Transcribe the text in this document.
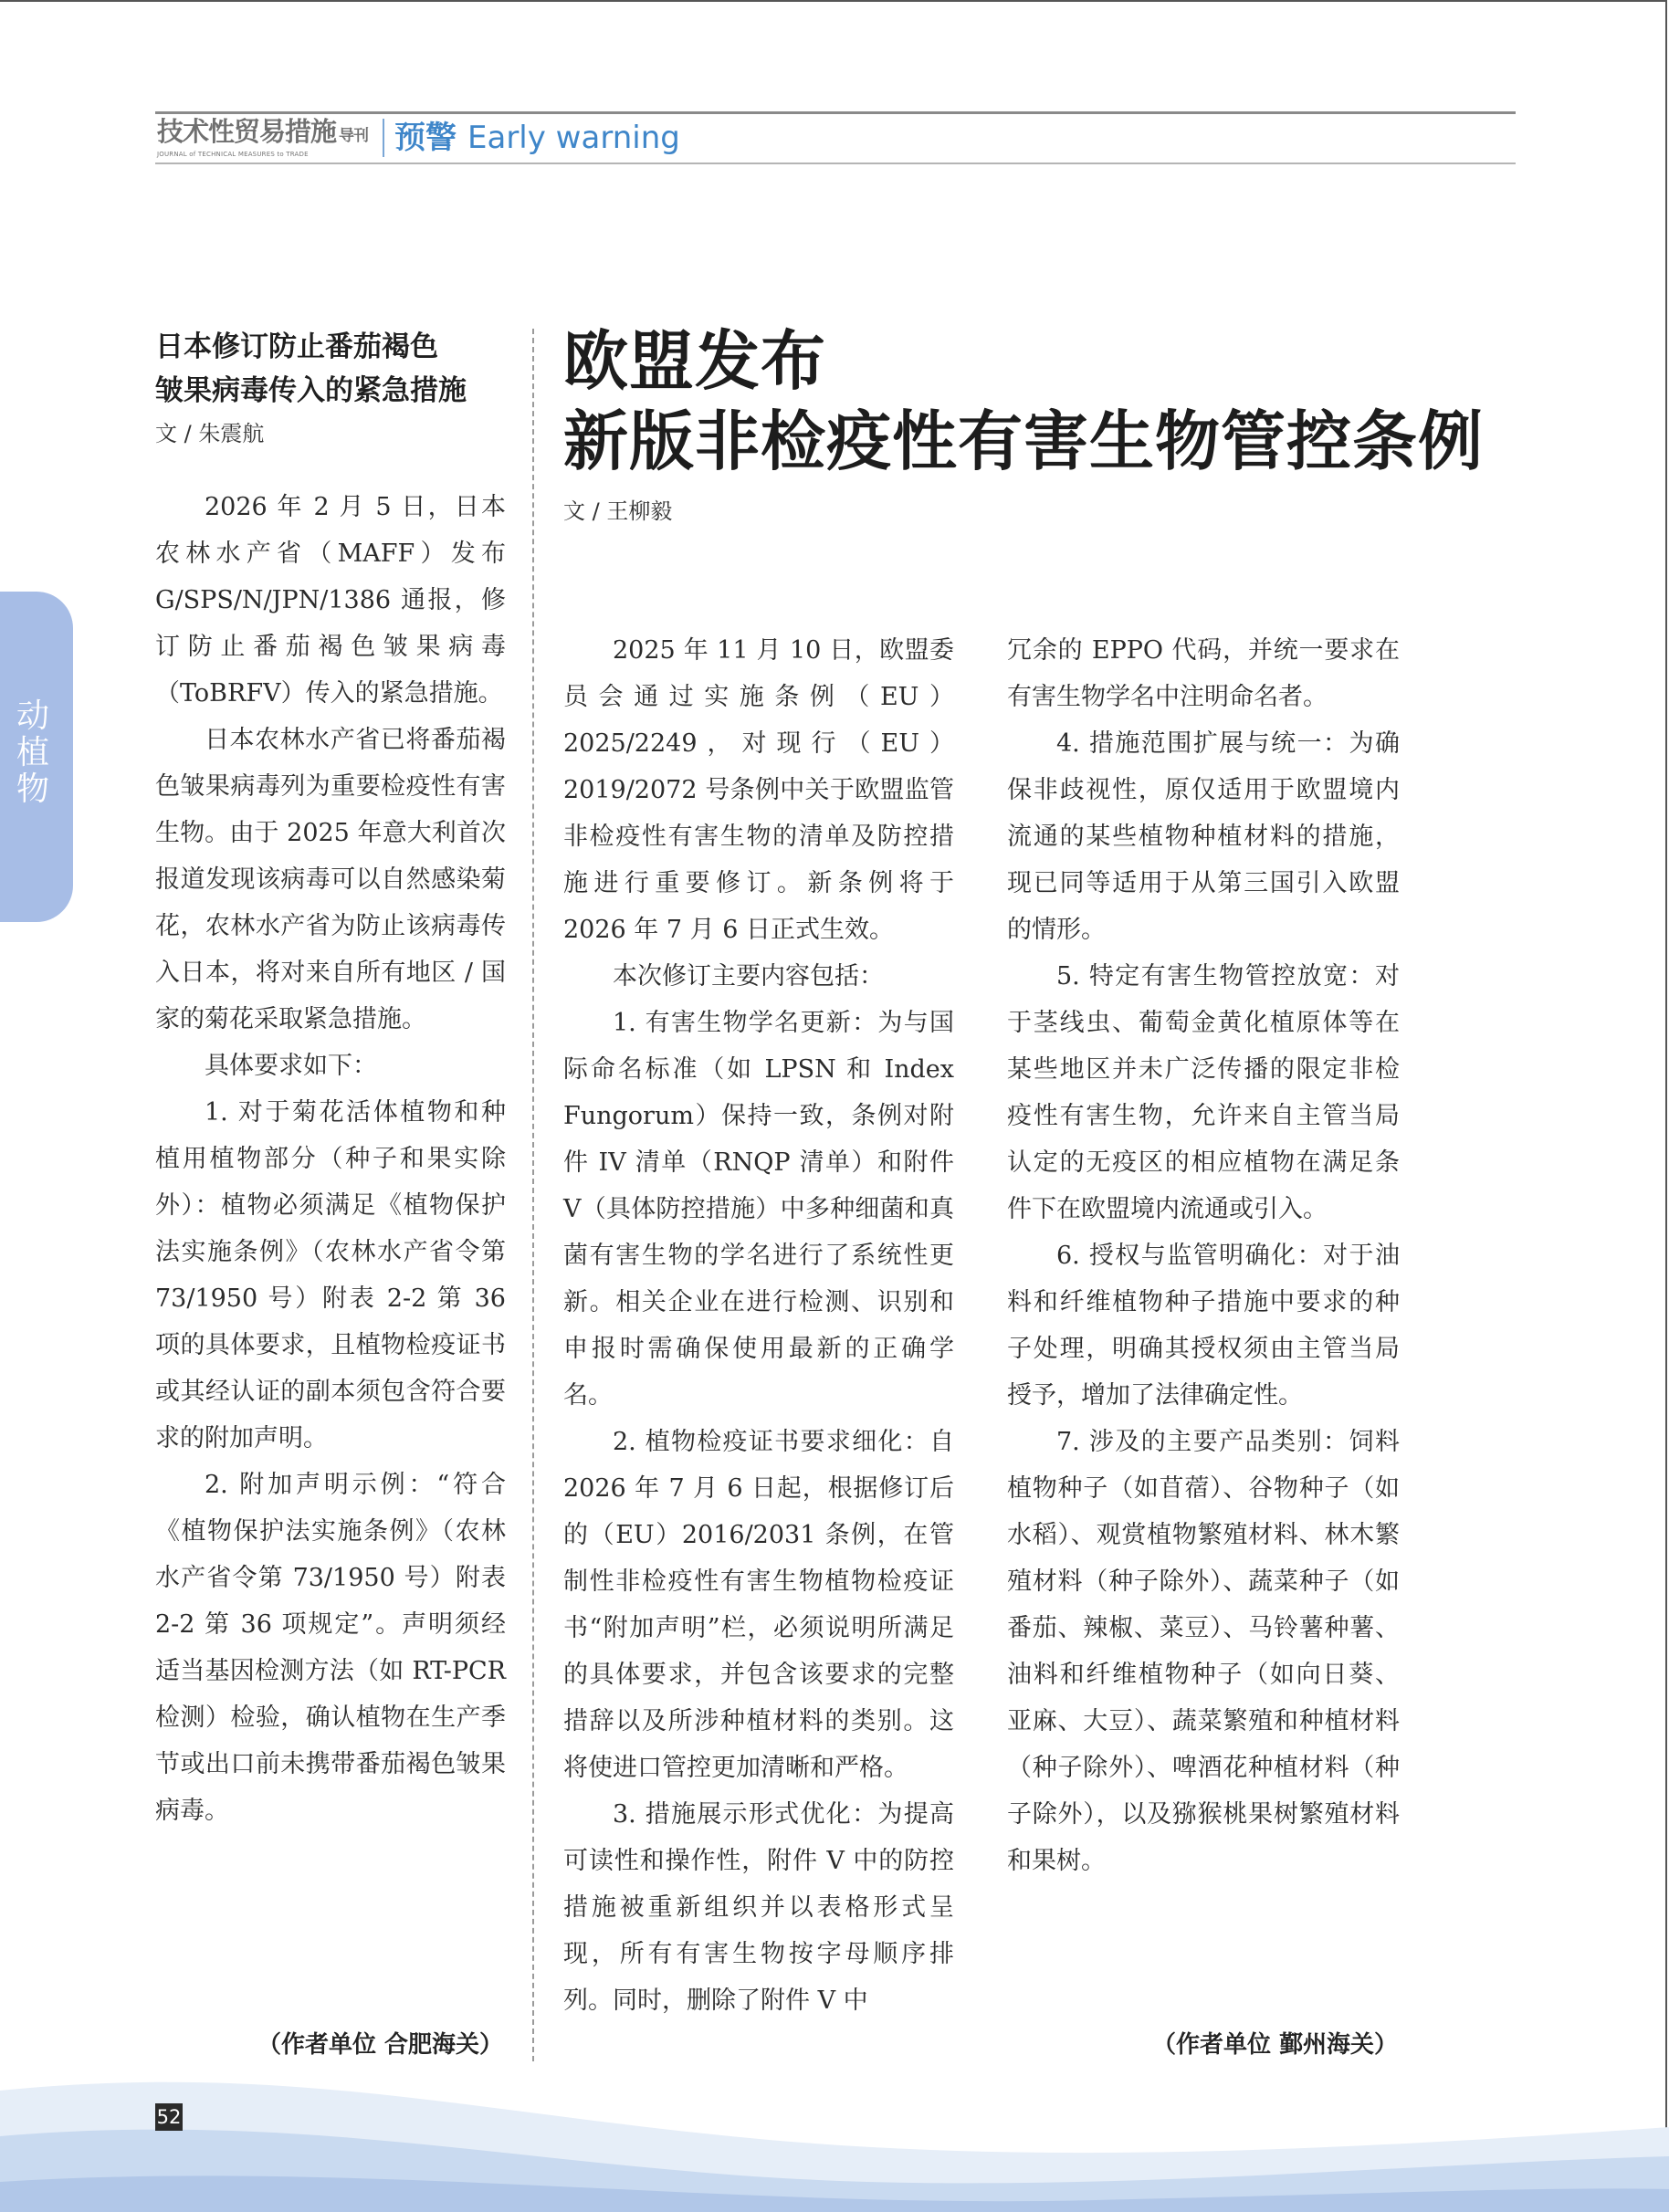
技术性贸易措施 导刊
JOURNAL of TECHNICAL MEASURES to TRADE	预警 Early warning
动植物
日本修订防止番茄褐色
皱果病毒传入的紧急措施
文 / 朱震航

2026 年 2 月 5 日，日本农林水产省（MAFF）发布G/SPS/N/JPN/1386 通报，修订防止番茄褐色皱果病毒（ToBRFV）传入的紧急措施。

日本农林水产省已将番茄褐色皱果病毒列为重要检疫性有害生物。由于 2025 年意大利首次报道发现该病毒可以自然感染菊花，农林水产省为防止该病毒传入日本，将对来自所有地区 / 国家的菊花采取紧急措施。

具体要求如下：

1. 对于菊花活体植物和种植用植物部分（种子和果实除外）：植物必须满足《植物保护法实施条例》（农林水产省令第 73/1950 号）附表 2-2 第 36 项的具体要求，且植物检疫证书或其经认证的副本须包含符合要求的附加声明。

2. 附加声明示例：“符合《植物保护法实施条例》（农林水产省令第 73/1950 号）附表 2-2 第 36 项规定”。声明须经适当基因检测方法（如 RT-PCR 检测）检验，确认植物在生产季节或出口前未携带番茄褐色皱果病毒。

（作者单位 合肥海关）
欧盟发布
新版非检疫性有害生物管控条例
文 / 王柳毅

2025 年 11 月 10 日，欧盟委员会通过实施条例（EU）2025/2249，对现行（EU）2019/2072 号条例中关于欧盟监管非检疫性有害生物的清单及防控措施进行重要修订。新条例将于 2026 年 7 月 6 日正式生效。

本次修订主要内容包括：

1. 有害生物学名更新：为与国际命名标准（如 LPSN 和 Index Fungorum）保持一致，条例对附件 IV 清单（RNQP 清单）和附件 V（具体防控措施）中多种细菌和真菌有害生物的学名进行了系统性更新。相关企业在进行检测、识别和申报时需确保使用最新的正确学名。

2. 植物检疫证书要求细化：自 2026 年 7 月 6 日起，根据修订后的（EU）2016/2031 条例，在管制性非检疫性有害生物植物检疫证书“附加声明”栏，必须说明所满足的具体要求，并包含该要求的完整措辞以及所涉种植材料的类别。这将使进口管控更加清晰和严格。

3. 措施展示形式优化：为提高可读性和操作性，附件 V 中的防控措施被重新组织并以表格形式呈现，所有有害生物按字母顺序排列。同时，删除了附件 V 中

冗余的 EPPO 代码，并统一要求在有害生物学名中注明命名者。

4. 措施范围扩展与统一：为确保非歧视性，原仅适用于欧盟境内流通的某些植物种植材料的措施，现已同等适用于从第三国引入欧盟的情形。

5. 特定有害生物管控放宽：对于茎线虫、葡萄金黄化植原体等在某些地区并未广泛传播的限定非检疫性有害生物，允许来自主管当局认定的无疫区的相应植物在满足条件下在欧盟境内流通或引入。

6. 授权与监管明确化：对于油料和纤维植物种子措施中要求的种子处理，明确其授权须由主管当局授予，增加了法律确定性。

7. 涉及的主要产品类别：饲料植物种子（如苜蓿）、谷物种子（如水稻）、观赏植物繁殖材料、林木繁殖材料（种子除外）、蔬菜种子（如番茄、辣椒、菜豆）、马铃薯种薯、油料和纤维植物种子（如向日葵、亚麻、大豆）、蔬菜繁殖和种植材料（种子除外）、啤酒花种植材料（种子除外），以及猕猴桃果树繁殖材料和果树。

（作者单位 鄞州海关）
52
